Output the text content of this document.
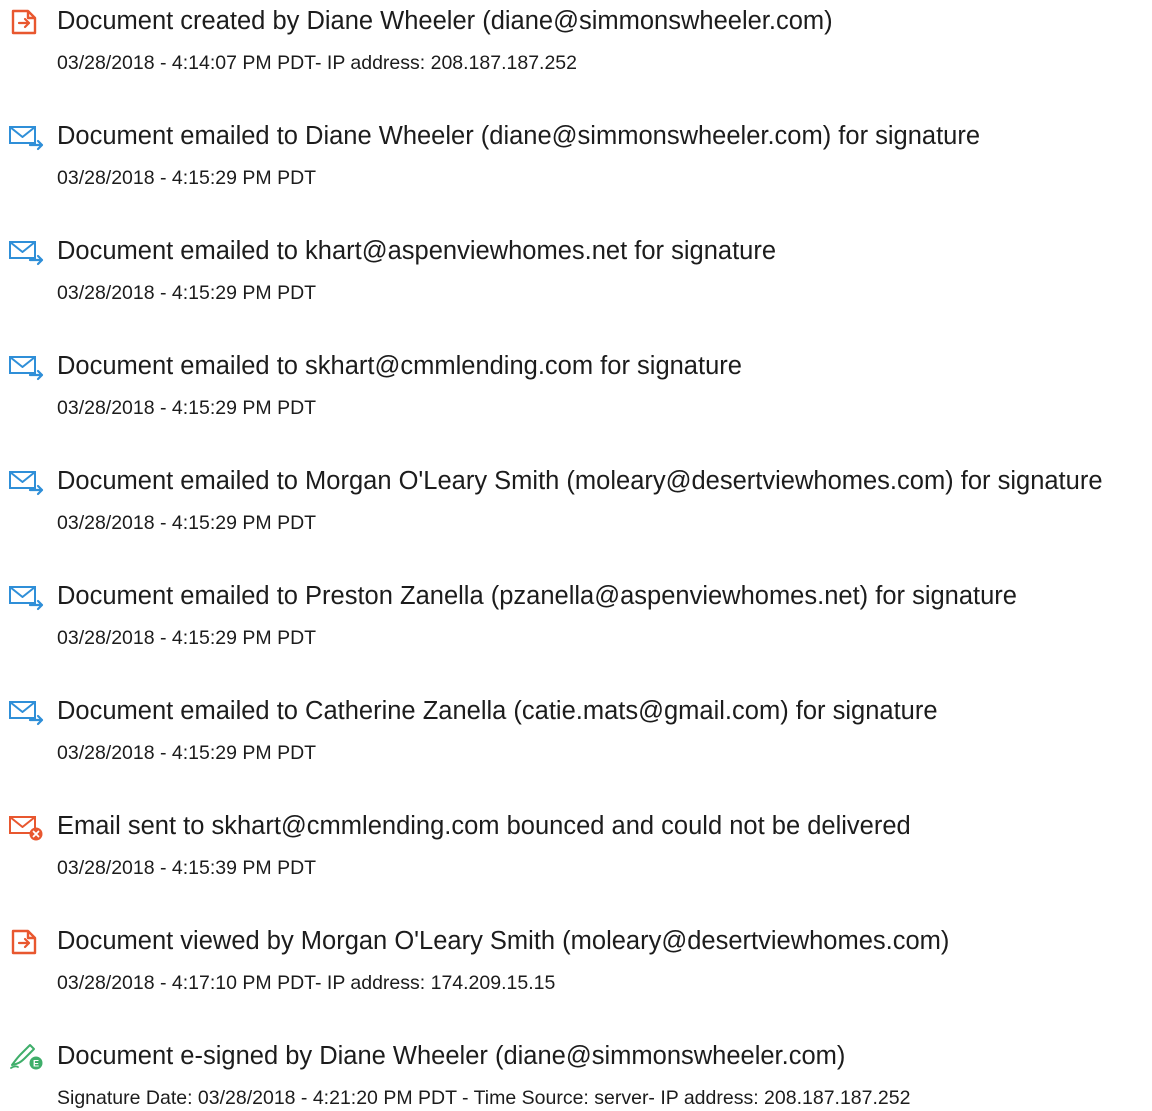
Document created by Diane Wheeler (diane@simmonswheeler.com)
03/28/2018 - 4:14:07 PM PDT- IP address: 208.187.187.252
Document emailed to Diane Wheeler (diane@simmonswheeler.com) for signature
03/28/2018 - 4:15:29 PM PDT
Document emailed to khart@aspenviewhomes.net for signature
03/28/2018 - 4:15:29 PM PDT
Document emailed to skhart@cmmlending.com for signature
03/28/2018 - 4:15:29 PM PDT
Document emailed to Morgan O'Leary Smith (moleary@desertviewhomes.com) for signature
03/28/2018 - 4:15:29 PM PDT
Document emailed to Preston Zanella (pzanella@aspenviewhomes.net) for signature
03/28/2018 - 4:15:29 PM PDT
Document emailed to Catherine Zanella (catie.mats@gmail.com) for signature
03/28/2018 - 4:15:29 PM PDT
Email sent to skhart@cmmlending.com bounced and could not be delivered
03/28/2018 - 4:15:39 PM PDT
Document viewed by Morgan O'Leary Smith (moleary@desertviewhomes.com)
03/28/2018 - 4:17:10 PM PDT- IP address: 174.209.15.15
E Document e-signed by Diane Wheeler (diane@simmonswheeler.com)
Signature Date: 03/28/2018 - 4:21:20 PM PDT - Time Source: server- IP address: 208.187.187.252
